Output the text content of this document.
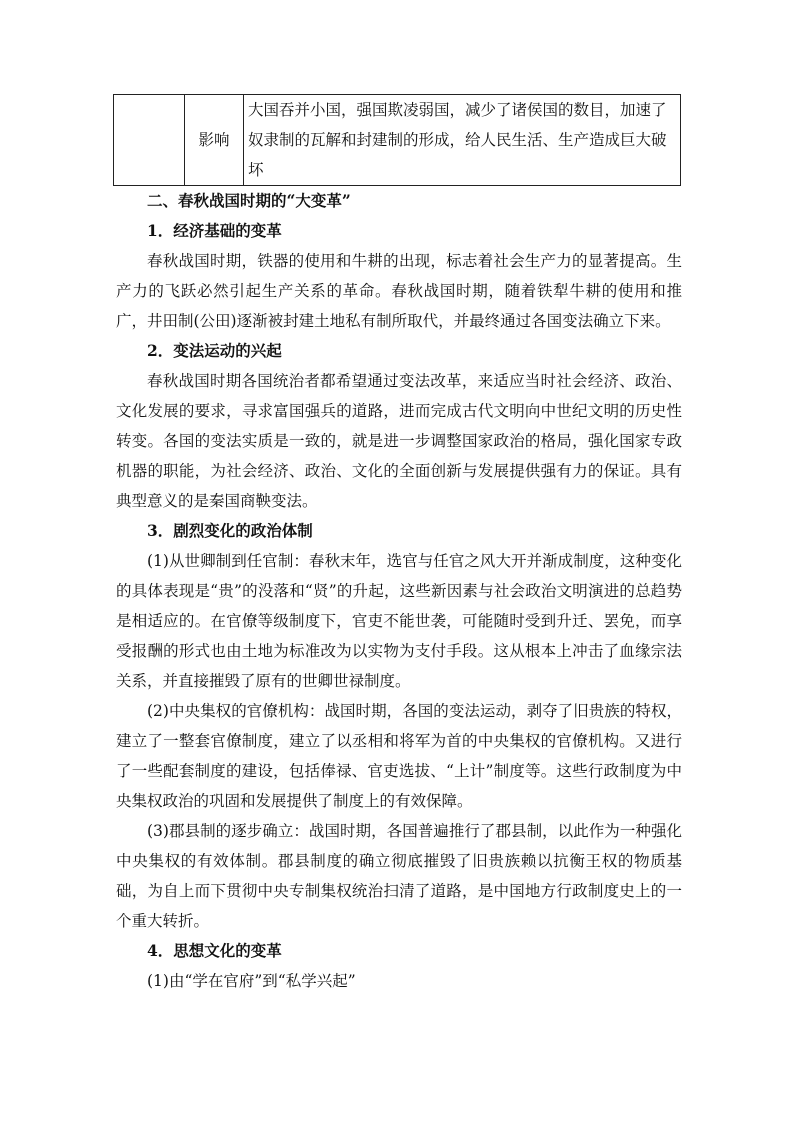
	影响	大国吞并小国，强国欺凌弱国，减少了诸侯国的数目，加速了奴隶制的瓦解和封建制的形成，给人民生活、生产造成巨大破坏

二、春秋战国时期的“大变革”

1．经济基础的变革

春秋战国时期，铁器的使用和牛耕的出现，标志着社会生产力的显著提高。生产力的飞跃必然引起生产关系的革命。春秋战国时期，随着铁犁牛耕的使用和推广，井田制(公田)逐渐被封建土地私有制所取代，并最终通过各国变法确立下来。

2．变法运动的兴起

春秋战国时期各国统治者都希望通过变法改革，来适应当时社会经济、政治、文化发展的要求，寻求富国强兵的道路，进而完成古代文明向中世纪文明的历史性转变。各国的变法实质是一致的，就是进一步调整国家政治的格局，强化国家专政机器的职能，为社会经济、政治、文化的全面创新与发展提供强有力的保证。具有典型意义的是秦国商鞅变法。

3．剧烈变化的政治体制

(1)从世卿制到任官制：春秋末年，选官与任官之风大开并渐成制度，这种变化的具体表现是“贵”的没落和“贤”的升起，这些新因素与社会政治文明演进的总趋势是相适应的。在官僚等级制度下，官吏不能世袭，可能随时受到升迁、罢免，而享受报酬的形式也由土地为标准改为以实物为支付手段。这从根本上冲击了血缘宗法关系，并直接摧毁了原有的世卿世禄制度。

(2)中央集权的官僚机构：战国时期，各国的变法运动，剥夺了旧贵族的特权，建立了一整套官僚制度，建立了以丞相和将军为首的中央集权的官僚机构。又进行了一些配套制度的建设，包括俸禄、官吏选拔、“上计”制度等。这些行政制度为中央集权政治的巩固和发展提供了制度上的有效保障。

(3)郡县制的逐步确立：战国时期，各国普遍推行了郡县制，以此作为一种强化中央集权的有效体制。郡县制度的确立彻底摧毁了旧贵族赖以抗衡王权的物质基础，为自上而下贯彻中央专制集权统治扫清了道路，是中国地方行政制度史上的一个重大转折。

4．思想文化的变革

(1)由“学在官府”到“私学兴起”
